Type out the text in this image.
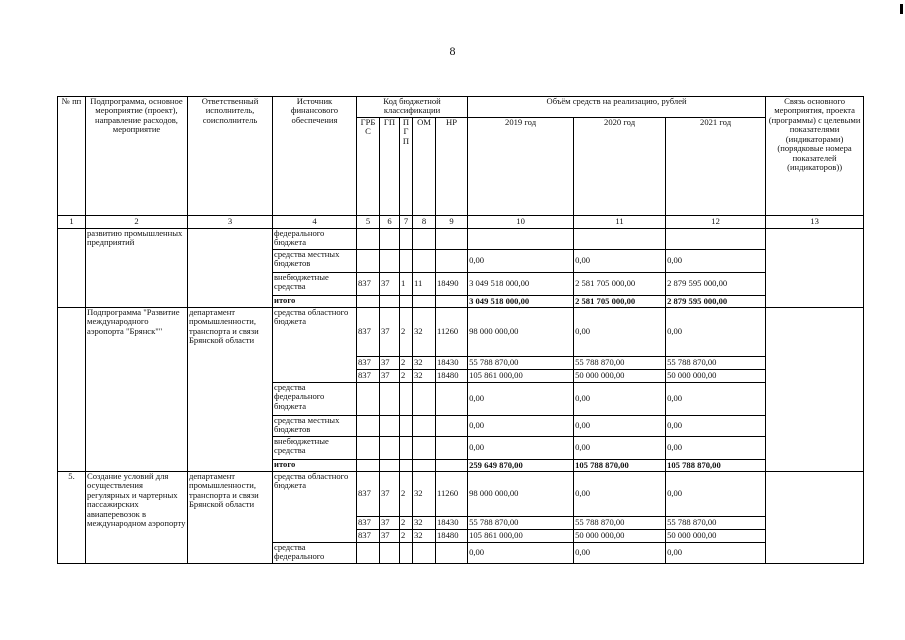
8
№ пп	Подпрограмма, основное мероприятие (проект), направление расходов, мероприятие	Ответственный исполнитель, соисполнитель	Источник финансового обеспечения	Код бюджетной классификации					Объём средств на реализацию, рублей			Связь основного мероприятия, проекта (программы) с целевыми показателями (индикаторами) (порядковые номера показателей (индикаторов))
				ГРБС	ГП	ПГП	ОМ	НР	2019 год	2020 год	2021 год	
1	2	3	4	5	6	7	8	9	10	11	12	13
	развитию промышленных предприятий		федерального бюджета									
			средства местных бюджетов						0,00	0,00	0,00	
			внебюджетные средства	837	37	1	11	18490	3 049 518 000,00	2 581 705 000,00	2 879 595 000,00	
			итого						3 049 518 000,00	2 581 705 000,00	2 879 595 000,00	
	Подпрограмма "Развитие международного аэропорта "Брянск""	департамент промышленности, транспорта и связи Брянской области	средства областного бюджета	837	37	2	32	11260	98 000 000,00	0,00	0,00	
				837	37	2	32	18430	55 788 870,00	55 788 870,00	55 788 870,00	
				837	37	2	32	18480	105 861 000,00	50 000 000,00	50 000 000,00	
			средства федерального бюджета						0,00	0,00	0,00	
			средства местных бюджетов						0,00	0,00	0,00	
			внебюджетные средства						0,00	0,00	0,00	
			итого						259 649 870,00	105 788 870,00	105 788 870,00	
5.	Создание условий для осуществления регулярных и чартерных пассажирских авиаперевозок в международном аэропорту	департамент промышленности, транспорта и связи Брянской области	средства областного бюджета	837	37	2	32	11260	98 000 000,00	0,00	0,00	
				837	37	2	32	18430	55 788 870,00	55 788 870,00	55 788 870,00	
				837	37	2	32	18480	105 861 000,00	50 000 000,00	50 000 000,00	
			средства федерального						0,00	0,00	0,00	
